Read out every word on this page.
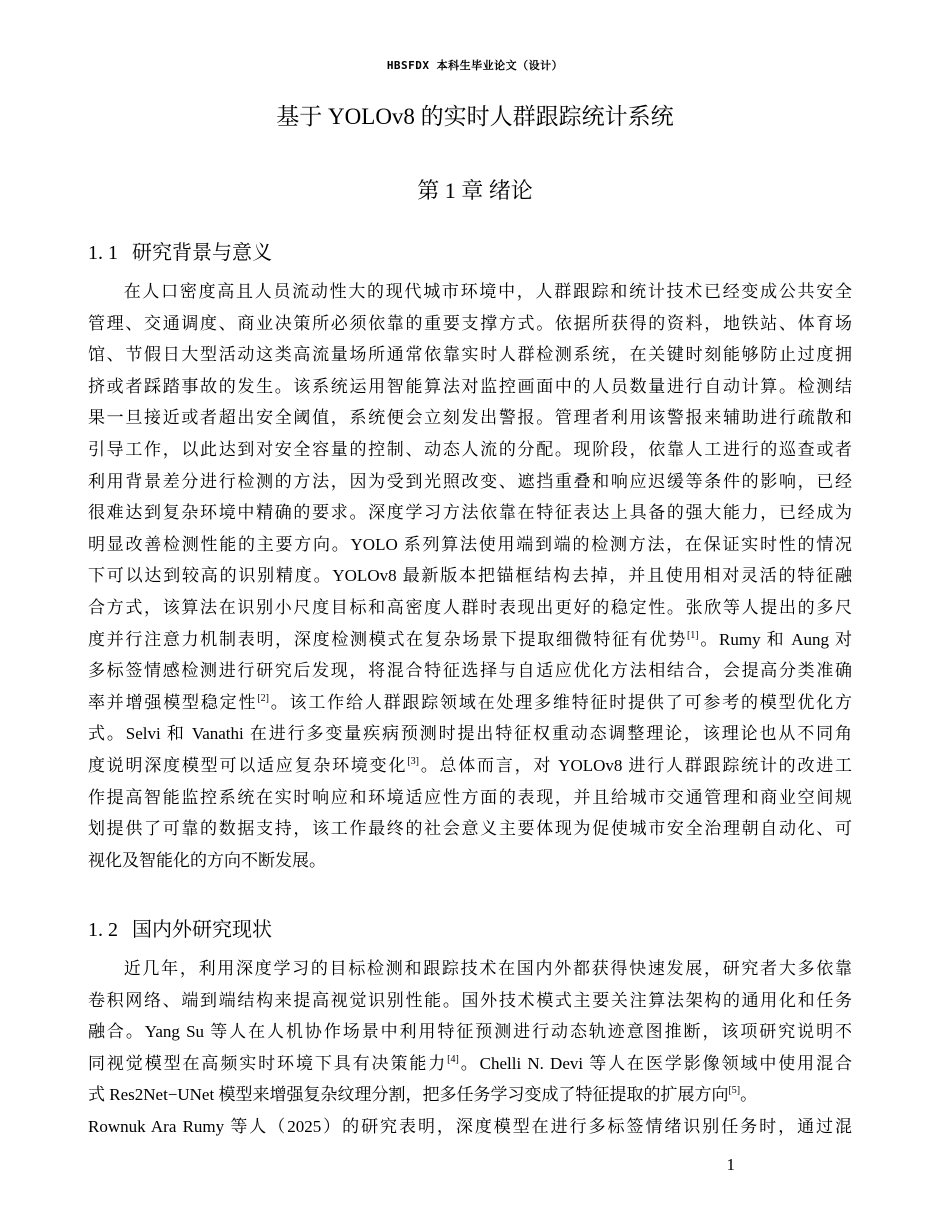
HBSFDX 本科生毕业论文（设计）
基于 YOLOv8 的实时人群跟踪统计系统
第 1 章 绪论
1. 1 研究背景与意义
在人口密度高且人员流动性大的现代城市环境中，人群跟踪和统计技术已经变成公共安全
管理、交通调度、商业决策所必须依靠的重要支撑方式。依据所获得的资料，地铁站、体育场
馆、节假日大型活动这类高流量场所通常依靠实时人群检测系统，在关键时刻能够防止过度拥
挤或者踩踏事故的发生。该系统运用智能算法对监控画面中的人员数量进行自动计算。检测结
果一旦接近或者超出安全阈值，系统便会立刻发出警报。管理者利用该警报来辅助进行疏散和
引导工作，以此达到对安全容量的控制、动态人流的分配。现阶段，依靠人工进行的巡查或者
利用背景差分进行检测的方法，因为受到光照改变、遮挡重叠和响应迟缓等条件的影响，已经
很难达到复杂环境中精确的要求。深度学习方法依靠在特征表达上具备的强大能力，已经成为
明显改善检测性能的主要方向。YOLO 系列算法使用端到端的检测方法，在保证实时性的情况
下可以达到较高的识别精度。YOLOv8 最新版本把锚框结构去掉，并且使用相对灵活的特征融
合方式，该算法在识别小尺度目标和高密度人群时表现出更好的稳定性。张欣等人提出的多尺
度并行注意力机制表明，深度检测模式在复杂场景下提取细微特征有优势[1]。Rumy 和 Aung 对
多标签情感检测进行研究后发现，将混合特征选择与自适应优化方法相结合，会提高分类准确
率并增强模型稳定性[2]。该工作给人群跟踪领域在处理多维特征时提供了可参考的模型优化方
式。Selvi 和 Vanathi 在进行多变量疾病预测时提出特征权重动态调整理论，该理论也从不同角
度说明深度模型可以适应复杂环境变化[3]。总体而言，对 YOLOv8 进行人群跟踪统计的改进工
作提高智能监控系统在实时响应和环境适应性方面的表现，并且给城市交通管理和商业空间规
划提供了可靠的数据支持，该工作最终的社会意义主要体现为促使城市安全治理朝自动化、可
视化及智能化的方向不断发展。
1. 2 国内外研究现状
近几年，利用深度学习的目标检测和跟踪技术在国内外都获得快速发展，研究者大多依靠
卷积网络、端到端结构来提高视觉识别性能。国外技术模式主要关注算法架构的通用化和任务
融合。Yang Su 等人在人机协作场景中利用特征预测进行动态轨迹意图推断，该项研究说明不
同视觉模型在高频实时环境下具有决策能力[4]。Chelli N. Devi 等人在医学影像领域中使用混合
式 Res2Net−UNet 模型来增强复杂纹理分割，把多任务学习变成了特征提取的扩展方向[5]。
Rownuk Ara Rumy 等人（2025）的研究表明，深度模型在进行多标签情绪识别任务时，通过混
1
